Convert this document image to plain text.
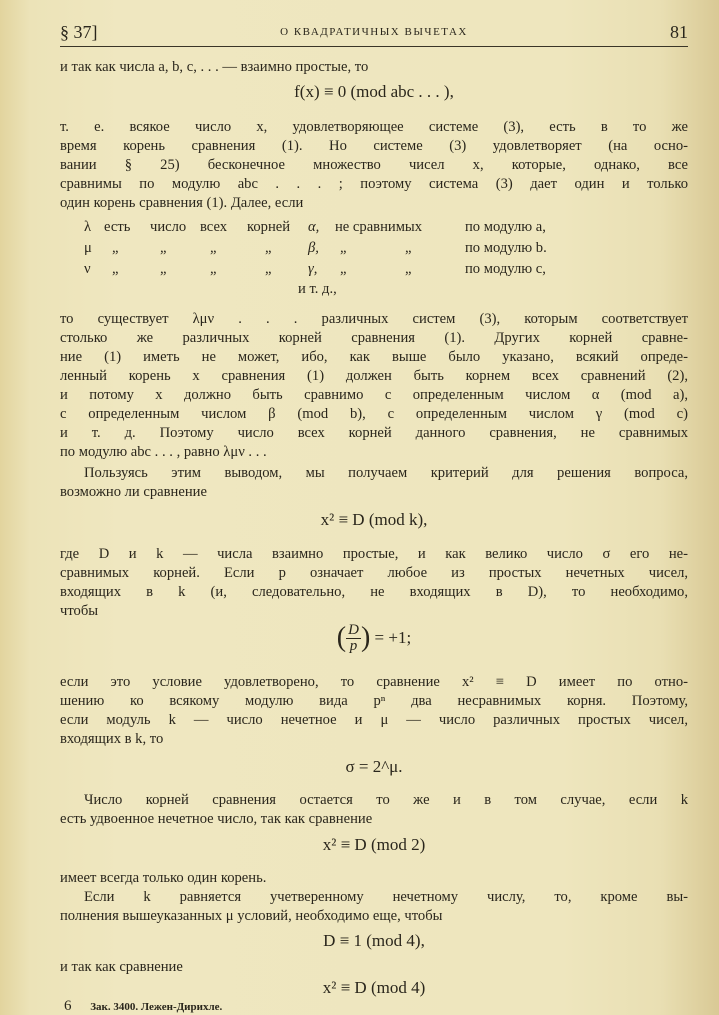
§ 37]	О КВАДРАТИЧНЫХ ВЫЧЕТАХ	81
и так как числа a, b, c, . . . — взаимно простые, то
f(x) ≡ 0 (mod abc . . . ),
т. е. всякое число x, удовлетворяющее системе (3), есть в то же
время корень сравнения (1). Но системе (3) удовлетворяет (на осно-
вании § 25) бесконечное множество чисел x, которые, однако, все
сравнимы по модулю abc . . . ; поэтому система (3) дает один и только
один корень сравнения (1). Далее, если
λ есть число всех корней α, не сравнимых	по модулю a,
μ „	„	„	„	β, „	„	по модулю b.
ν „	„	„	„	γ, „	„	по модулю c,
и т. д.,
то существует λμν . . . различных систем (3), которым соответствует
столько же различных корней сравнения (1). Других корней сравне-
ние (1) иметь не может, ибо, как выше было указано, всякий опреде-
ленный корень x сравнения (1) должен быть корнем всех сравнений (2),
и потому x должно быть сравнимо с определенным числом α (mod a),
с определенным числом β (mod b), с определенным числом γ (mod c)
и т. д. Поэтому число всех корней данного сравнения, не сравнимых
по модулю abc . . . , равно λμν . . .
Пользуясь этим выводом, мы получаем критерий для решения вопроса,
возможно ли сравнение
x² ≡ D (mod k),
где D и k — числа взаимно простые, и как велико число σ его не-
сравнимых корней. Если p означает любое из простых нечетных чисел,
входящих в k (и, следовательно, не входящих в D), то необходимо,
чтобы
( $\frac{D}{p}$ ) = +1;
если это условие удовлетворено, то сравнение x² ≡ D имеет по отно-
шению ко всякому модулю вида pⁿ два несравнимых корня. Поэтому,
если модуль k — число нечетное и μ — число различных простых чисел,
входящих в k, то
σ = 2^μ.
Число корней сравнения остается то же и в том случае, если k
есть удвоенное нечетное число, так как сравнение
x² ≡ D (mod 2)
имеет всегда только один корень.
Если k равняется учетверенному нечетному числу, то, кроме вы-
полнения вышеуказанных μ условий, необходимо еще, чтобы
D ≡ 1 (mod 4),
и так как сравнение
x² ≡ D (mod 4)
6 Зак. 3400. Лежен-Дирихле.
